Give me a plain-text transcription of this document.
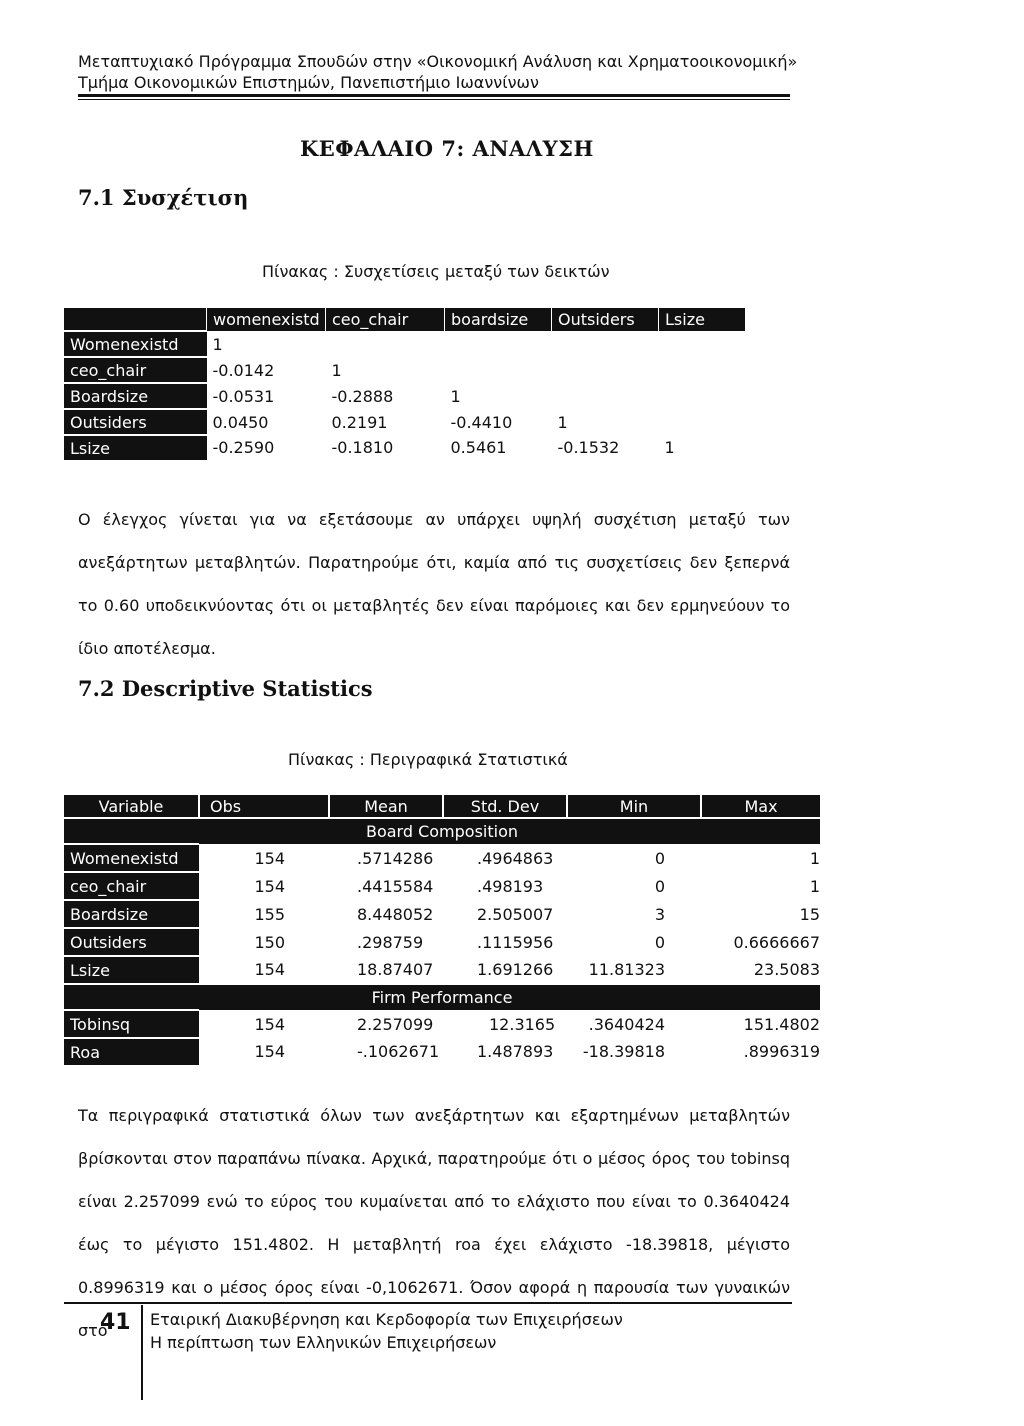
Μεταπτυχιακό Πρόγραμμα Σπουδών στην «Οικονομική Ανάλυση και Χρηματοοικονομική»
Τμήμα Οικονομικών Επιστημών, Πανεπιστήμιο Ιωαννίνων
ΚΕΦΑΛΑΙΟ 7: ΑΝΑΛΥΣΗ
7.1 Συσχέτιση
Πίνακας : Συσχετίσεις μεταξύ των δεικτών
	womenexistd	ceo_chair	boardsize	Outsiders	Lsize
Womenexistd	1				
ceo_chair	-0.0142	1			
Boardsize	-0.0531	-0.2888	1		
Outsiders	0.0450	0.2191	-0.4410	1	
Lsize	-0.2590	-0.1810	0.5461	-0.1532	1
Ο έλεγχος γίνεται για να εξετάσουμε αν υπάρχει υψηλή συσχέτιση μεταξύ των ανεξάρτητων μεταβλητών. Παρατηρούμε ότι, καμία από τις συσχετίσεις δεν ξεπερνά το 0.60 υποδεικνύοντας ότι οι μεταβλητές δεν είναι παρόμοιες και δεν ερμηνεύουν το ίδιο αποτέλεσμα.
7.2 Descriptive Statistics
Πίνακας : Περιγραφικά Στατιστικά
Variable	Obs	Mean	Std. Dev	Min	Max
Board Composition					
Womenexistd	154	.5714286	.4964863	0	1
ceo_chair	154	.4415584	.498193	0	1
Boardsize	155	8.448052	2.505007	3	15
Outsiders	150	.298759	.1115956	0	0.6666667
Lsize	154	18.87407	1.691266	11.81323	23.5083
Firm Performance					
Tobinsq	154	2.257099	12.3165	.3640424	151.4802
Roa	154	-.1062671	1.487893	-18.39818	.8996319
Τα περιγραφικά στατιστικά όλων των ανεξάρτητων και εξαρτημένων μεταβλητών βρίσκονται στον παραπάνω πίνακα. Αρχικά, παρατηρούμε ότι ο μέσος όρος του tobinsq είναι 2.257099 ενώ το εύρος του κυμαίνεται από το ελάχιστο που είναι το 0.3640424 έως το μέγιστο 151.4802. Η μεταβλητή roa έχει ελάχιστο -18.39818, μέγιστο 0.8996319 και ο μέσος όρος είναι -0,1062671. Όσον αφορά η παρουσία των γυναικών στο
41 Εταιρική Διακυβέρνηση και Κερδοφορία των Επιχειρήσεων
Η περίπτωση των Ελληνικών Επιχειρήσεων
